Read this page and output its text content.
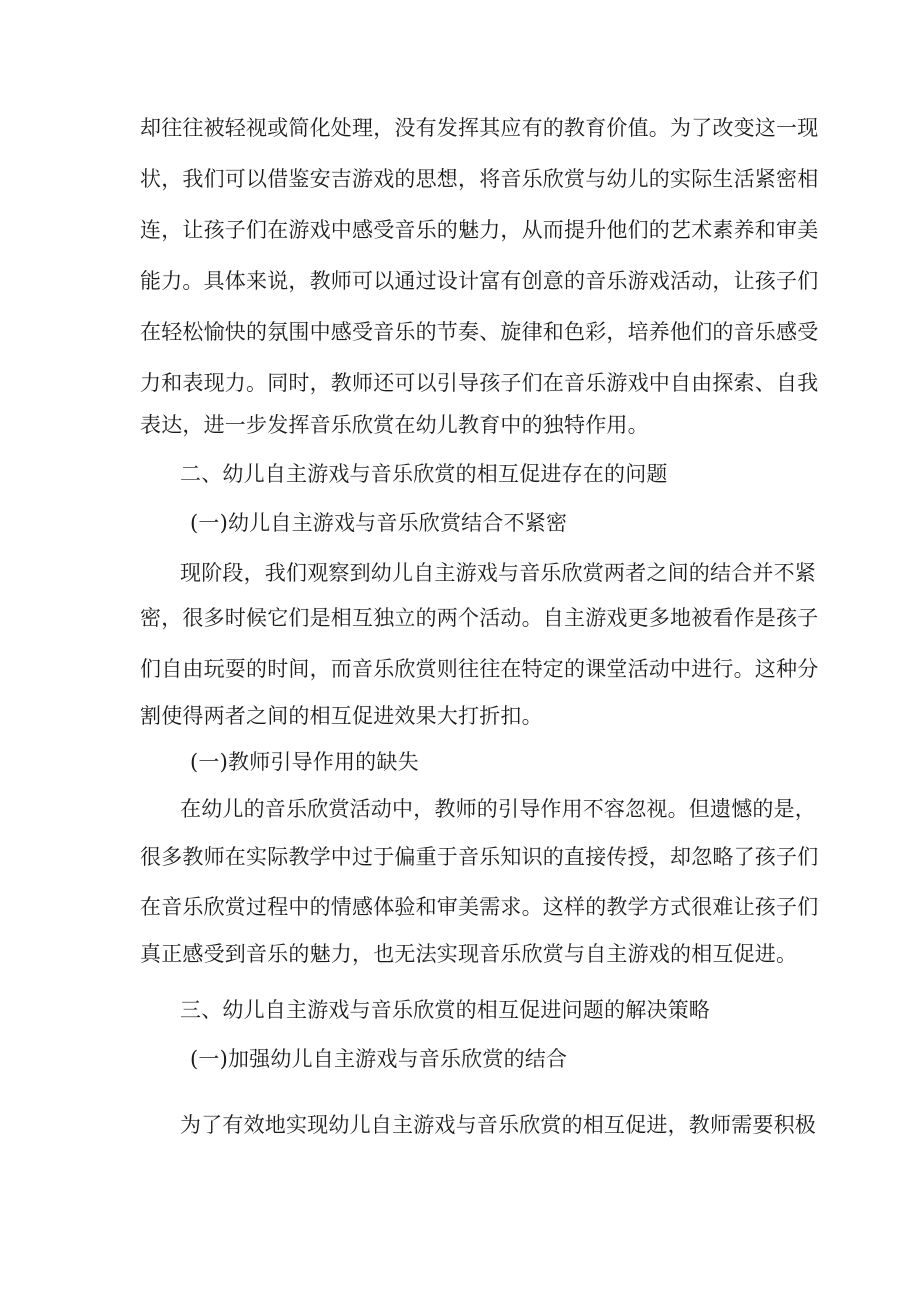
却往往被轻视或简化处理，没有发挥其应有的教育价值。为了改变这一现
状，我们可以借鉴安吉游戏的思想，将音乐欣赏与幼儿的实际生活紧密相
连，让孩子们在游戏中感受音乐的魅力，从而提升他们的艺术素养和审美
能力。具体来说，教师可以通过设计富有创意的音乐游戏活动，让孩子们
在轻松愉快的氛围中感受音乐的节奏、旋律和色彩，培养他们的音乐感受
力和表现力。同时，教师还可以引导孩子们在音乐游戏中自由探索、自我
表达，进一步发挥音乐欣赏在幼儿教育中的独特作用。
二、幼儿自主游戏与音乐欣赏的相互促进存在的问题
(一)幼儿自主游戏与音乐欣赏结合不紧密
现阶段，我们观察到幼儿自主游戏与音乐欣赏两者之间的结合并不紧
密，很多时候它们是相互独立的两个活动。自主游戏更多地被看作是孩子
们自由玩耍的时间，而音乐欣赏则往往在特定的课堂活动中进行。这种分
割使得两者之间的相互促进效果大打折扣。
(一)教师引导作用的缺失
在幼儿的音乐欣赏活动中，教师的引导作用不容忽视。但遗憾的是，
很多教师在实际教学中过于偏重于音乐知识的直接传授，却忽略了孩子们
在音乐欣赏过程中的情感体验和审美需求。这样的教学方式很难让孩子们
真正感受到音乐的魅力，也无法实现音乐欣赏与自主游戏的相互促进。
三、幼儿自主游戏与音乐欣赏的相互促进问题的解决策略
(一)加强幼儿自主游戏与音乐欣赏的结合
为了有效地实现幼儿自主游戏与音乐欣赏的相互促进，教师需要积极
